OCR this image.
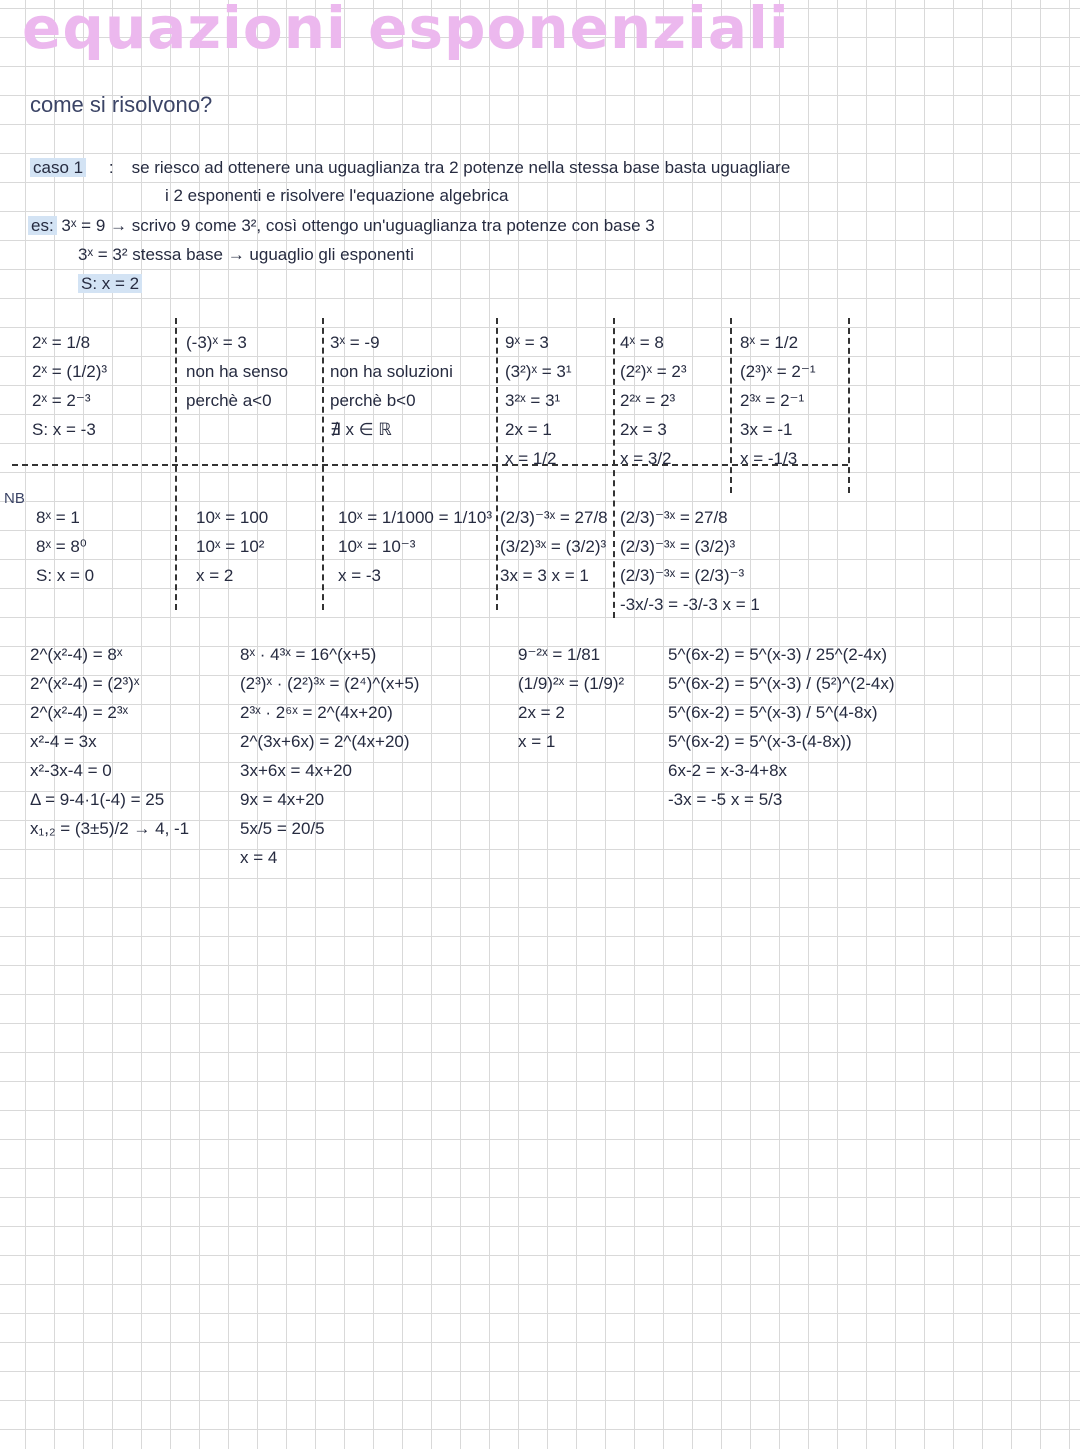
equazioni esponenziali
come si risolvono?
caso 1 : se riesco ad ottenere una uguaglianza tra 2 potenze nella stessa base basta uguagliare
i 2 esponenti e risolvere l'equazione algebrica
es: 3ˣ = 9 → scrivo 9 come 3², così ottengo un'uguaglianza tra potenze con base 3
3ˣ = 3² stessa base → uguaglio gli esponenti
S: x = 2
NB
2ˣ = 1/8
2ˣ = (1/2)³
2ˣ = 2⁻³
S: x = -3
(-3)ˣ = 3
non ha senso
perchè a<0
3ˣ = -9
non ha soluzioni
perchè b<0
∄ x ∈ ℝ
9ˣ = 3
(3²)ˣ = 3¹
3²ˣ = 3¹
2x = 1
x = 1/2
4ˣ = 8
(2²)ˣ = 2³
2²ˣ = 2³
2x = 3
x = 3/2
8ˣ = 1/2
(2³)ˣ = 2⁻¹
2³ˣ = 2⁻¹
3x = -1
x = -1/3
8ˣ = 1
8ˣ = 8⁰
S: x = 0
10ˣ = 100
10ˣ = 10²
x = 2
10ˣ = 1/1000 = 1/10³
10ˣ = 10⁻³
x = -3
(2/3)⁻³ˣ = 27/8
(3/2)³ˣ = (3/2)³
3x = 3 x = 1
(2/3)⁻³ˣ = 27/8
(2/3)⁻³ˣ = (3/2)³
(2/3)⁻³ˣ = (2/3)⁻³
-3x/-3 = -3/-3 x = 1
2^(x²-4) = 8ˣ
2^(x²-4) = (2³)ˣ
2^(x²-4) = 2³ˣ
x²-4 = 3x
x²-3x-4 = 0
Δ = 9-4·1(-4) = 25
x₁,₂ = (3±5)/2 → 4, -1
8ˣ · 4³ˣ = 16^(x+5)
(2³)ˣ · (2²)³ˣ = (2⁴)^(x+5)
2³ˣ · 2⁶ˣ = 2^(4x+20)
2^(3x+6x) = 2^(4x+20)
3x+6x = 4x+20
9x = 4x+20
5x/5 = 20/5
x = 4
9⁻²ˣ = 1/81
(1/9)²ˣ = (1/9)²
2x = 2
x = 1
5^(6x-2) = 5^(x-3) / 25^(2-4x)
5^(6x-2) = 5^(x-3) / (5²)^(2-4x)
5^(6x-2) = 5^(x-3) / 5^(4-8x)
5^(6x-2) = 5^(x-3-(4-8x))
6x-2 = x-3-4+8x
-3x = -5 x = 5/3
